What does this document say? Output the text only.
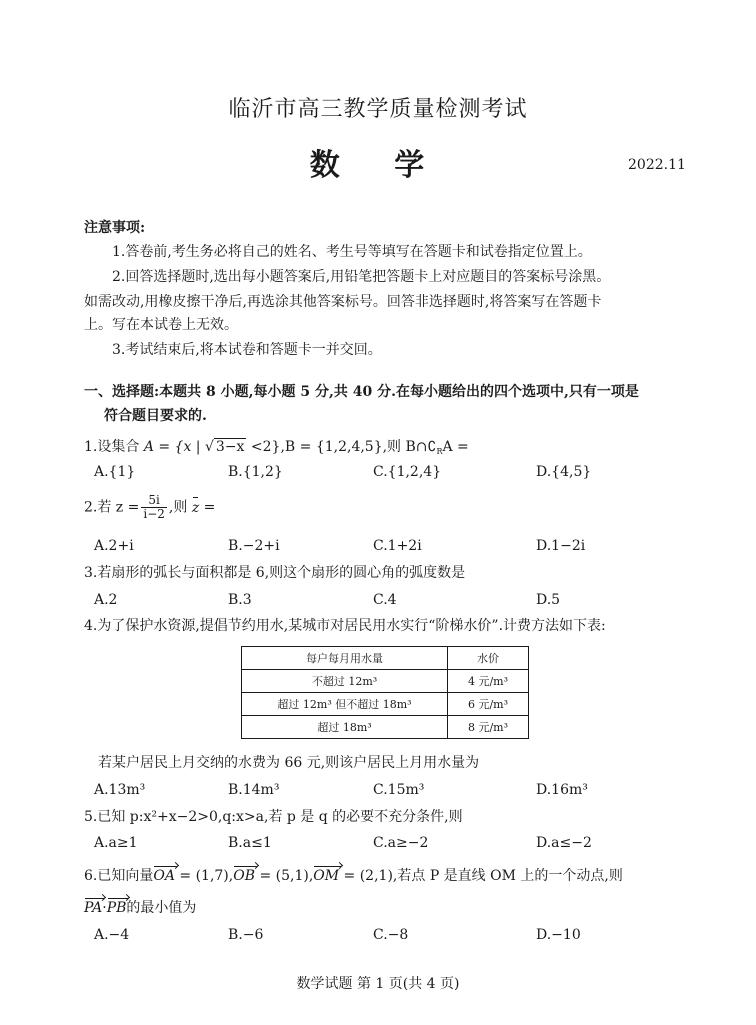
临沂市高三教学质量检测考试
数 学	2022.11
注意事项:
1.答卷前,考生务必将自己的姓名、考生号等填写在答题卡和试卷指定位置上。
2.回答选择题时,选出每小题答案后,用铅笔把答题卡上对应题目的答案标号涂黑。
如需改动,用橡皮擦干净后,再选涂其他答案标号。回答非选择题时,将答案写在答题卡
上。写在本试卷上无效。
3.考试结束后,将本试卷和答题卡一并交回。
一、选择题:本题共 8 小题,每小题 5 分,共 40 分.在每小题给出的四个选项中,只有一项是
符合题目要求的.
1.设集合 A = {x | √ 3−x <2},B = {1,2,4,5},则 $B\cap∁_RA$ =
A.{1}	B.{1,2}	C.{1,2,4}	D.{4,5}
2.若 $z = \frac{5i}{i-2}$ ,则 z =
A.2+i	B.−2+i	C.1+2i	D.1−2i
3.若扇形的弧长与面积都是 6,则这个扇形的圆心角的弧度数是
A.2	B.3	C.4	D.5
4.为了保护水资源,提倡节约用水,某城市对居民用水实行“阶梯水价”.计费方法如下表:
每户每月用水量	水价
不超过 12m³	4 元/m³
超过 12m³ 但不超过 18m³	6 元/m³
超过 18m³	8 元/m³
若某户居民上月交纳的水费为 66 元,则该户居民上月用水量为
A.13m³	B.14m³	C.15m³	D.16m³
5.已知 p:x²+x−2>0,q:x>a,若 p 是 q 的必要不充分条件,则
A.a≥1	B.a≤1	C.a≥−2	D.a≤−2
6.已知向量OA = (1,7),OB = (5,1),OM = (2,1),若点 P 是直线 OM 上的一个动点,则
PA·PB的最小值为
A.−4	B.−6	C.−8	D.−10
数学试题 第 1 页(共 4 页)
